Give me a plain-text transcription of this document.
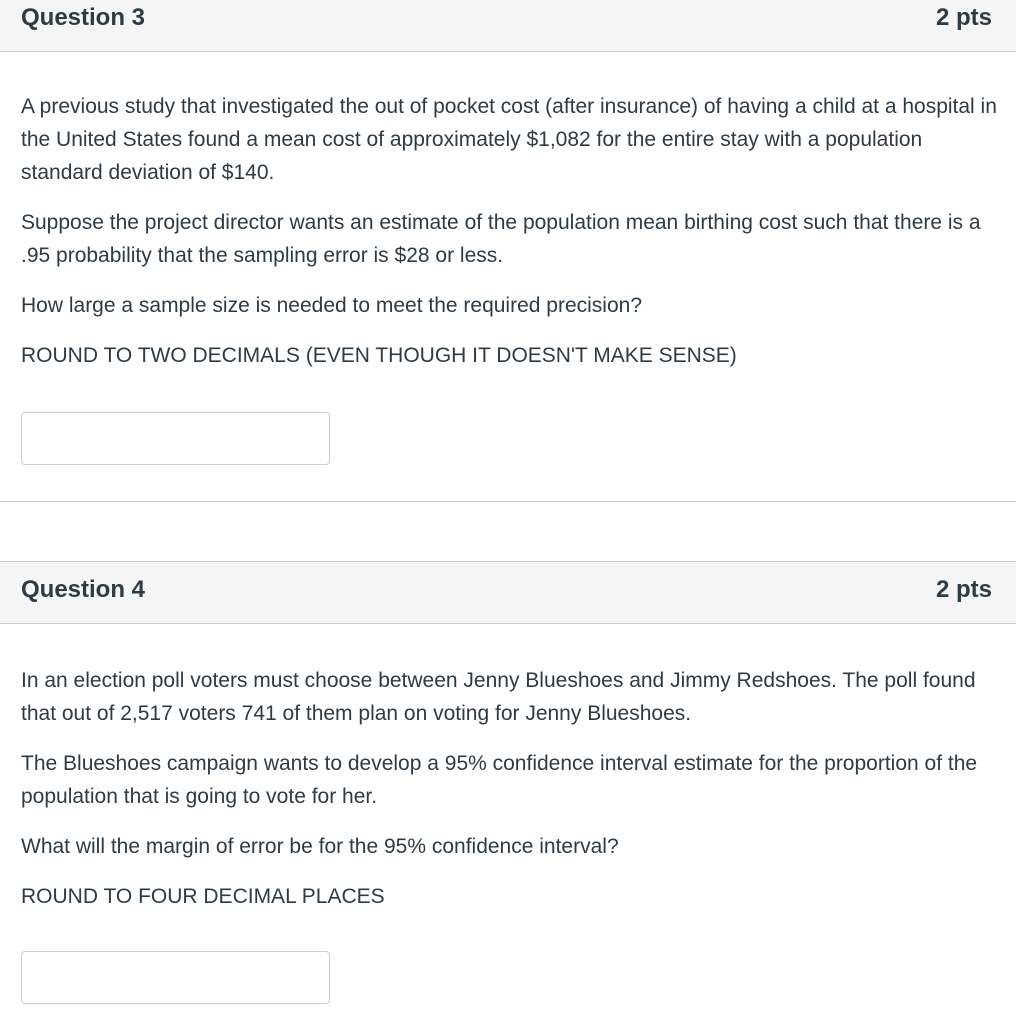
Question 3	2 pts

A previous study that investigated the out of pocket cost (after insurance) of having a child at a hospital in the United States found a mean cost of approximately $1,082 for the entire stay with a population standard deviation of $140.

Suppose the project director wants an estimate of the population mean birthing cost such that there is a .95 probability that the sampling error is $28 or less.

How large a sample size is needed to meet the required precision?

ROUND TO TWO DECIMALS (EVEN THOUGH IT DOESN'T MAKE SENSE)

Question 4	2 pts

In an election poll voters must choose between Jenny Blueshoes and Jimmy Redshoes. The poll found that out of 2,517 voters 741 of them plan on voting for Jenny Blueshoes.

The Blueshoes campaign wants to develop a 95% confidence interval estimate for the proportion of the population that is going to vote for her.

What will the margin of error be for the 95% confidence interval?

ROUND TO FOUR DECIMAL PLACES
